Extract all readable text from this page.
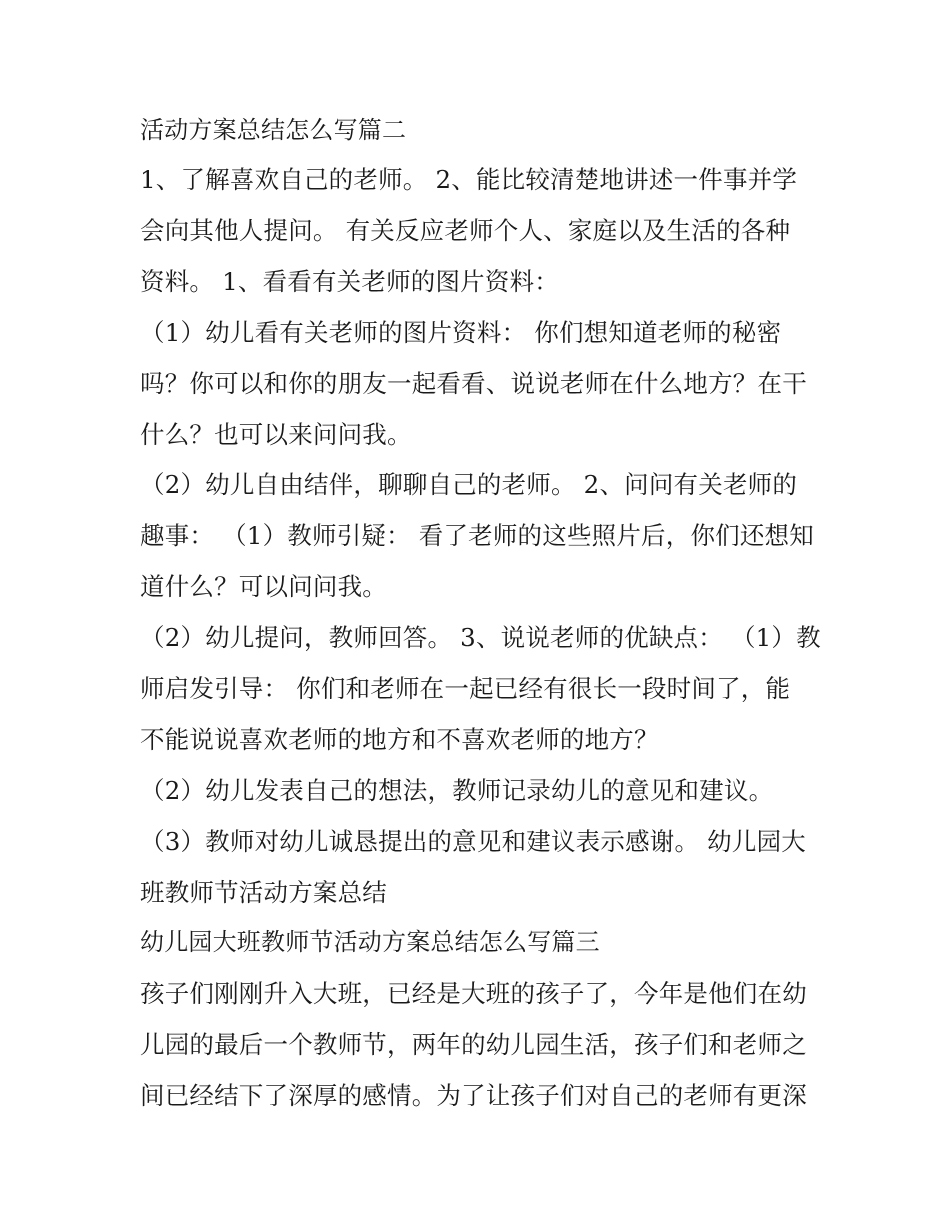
活动方案总结怎么写篇二
1、了解喜欢自己的老师。 2、能比较清楚地讲述一件事并学
会向其他人提问。 有关反应老师个人、家庭以及生活的各种
资料。 1、看看有关老师的图片资料：
（1）幼儿看有关老师的图片资料： 你们想知道老师的秘密
吗？你可以和你的朋友一起看看、说说老师在什么地方？在干
什么？也可以来问问我。
（2）幼儿自由结伴，聊聊自己的老师。 2、问问有关老师的
趣事： （1）教师引疑： 看了老师的这些照片后，你们还想知
道什么？可以问问我。
（2）幼儿提问，教师回答。 3、说说老师的优缺点： （1）教
师启发引导： 你们和老师在一起已经有很长一段时间了，能
不能说说喜欢老师的地方和不喜欢老师的地方？
（2）幼儿发表自己的想法，教师记录幼儿的意见和建议。
（3）教师对幼儿诚恳提出的意见和建议表示感谢。 幼儿园大
班教师节活动方案总结
幼儿园大班教师节活动方案总结怎么写篇三
孩子们刚刚升入大班，已经是大班的孩子了，今年是他们在幼
儿园的最后一个教师节，两年的幼儿园生活，孩子们和老师之
间已经结下了深厚的感情。为了让孩子们对自己的老师有更深
